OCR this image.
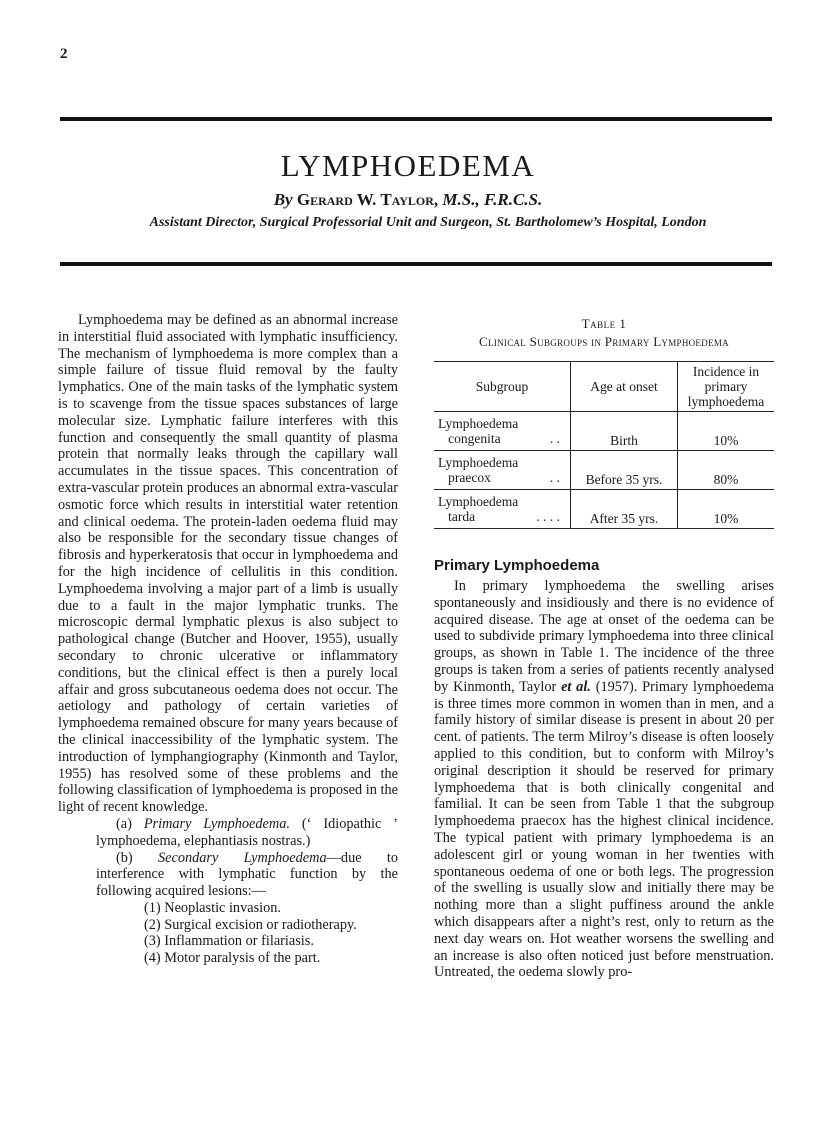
2
LYMPHOEDEMA
By Gerard W. Taylor, M.S., F.R.C.S.
Assistant Director, Surgical Professorial Unit and Surgeon, St. Bartholomew’s Hospital, London

Lymphoedema may be defined as an abnormal increase in interstitial fluid associated with lymphatic insufficiency. The mechanism of lymphoedema is more complex than a simple failure of tissue fluid removal by the faulty lymphatics. One of the main tasks of the lymphatic system is to scavenge from the tissue spaces substances of large molecular size. Lymphatic failure interferes with this function and consequently the small quantity of plasma protein that normally leaks through the capillary wall accumulates in the tissue spaces. This concentration of extra-vascular protein produces an abnormal extra-vascular osmotic force which results in interstitial water retention and clinical oedema. The protein-laden oedema fluid may also be responsible for the secondary tissue changes of fibrosis and hyperkeratosis that occur in lymphoedema and for the high incidence of cellulitis in this condition. Lymphoedema involving a major part of a limb is usually due to a fault in the major lymphatic trunks. The microscopic dermal lymphatic plexus is also subject to pathological change (Butcher and Hoover, 1955), usually secondary to chronic ulcerative or inflammatory conditions, but the clinical effect is then a purely local affair and gross subcutaneous oedema does not occur. The aetiology and pathology of certain varieties of lymphoedema remained obscure for many years because of the clinical inaccessibility of the lymphatic system. The introduction of lymphangiography (Kinmonth and Taylor, 1955) has resolved some of these problems and the following classification of lymphoedema is proposed in the light of recent knowledge.

(a) Primary Lymphoedema. (‘ Idiopathic ’ lymphoedema, elephantiasis nostras.)

(b) Secondary Lymphoedema—due to interference with lymphatic function by the following acquired lesions:—

(1) Neoplastic invasion.

(2) Surgical excision or radiotherapy.

(3) Inflammation or filariasis.

(4) Motor paralysis of the part.

Table 1
Clinical Subgroups in Primary Lymphoedema
Subgroup	Age at onset	Incidence in primary lymphoedema
Lymphoedema
congenita . .	Birth	10%
Lymphoedema
praecox . .	Before 35 yrs.	80%
Lymphoedema
tarda . . . .	After 35 yrs.	10%
Primary Lymphoedema

In primary lymphoedema the swelling arises spontaneously and insidiously and there is no evidence of acquired disease. The age at onset of the oedema can be used to subdivide primary lymphoedema into three clinical groups, as shown in Table 1. The incidence of the three groups is taken from a series of patients recently analysed by Kinmonth, Taylor et al. (1957). Primary lymphoedema is three times more common in women than in men, and a family history of similar disease is present in about 20 per cent. of patients. The term Milroy’s disease is often loosely applied to this condition, but to conform with Milroy’s original description it should be reserved for primary lymphoedema that is both clinically congenital and familial. It can be seen from Table 1 that the subgroup lymphoedema praecox has the highest clinical incidence. The typical patient with primary lymphoedema is an adolescent girl or young woman in her twenties with spontaneous oedema of one or both legs. The progression of the swelling is usually slow and initially there may be nothing more than a slight puffiness around the ankle which disappears after a night’s rest, only to return as the next day wears on. Hot weather worsens the swelling and an increase is also often noticed just before menstruation. Untreated, the oedema slowly pro-
